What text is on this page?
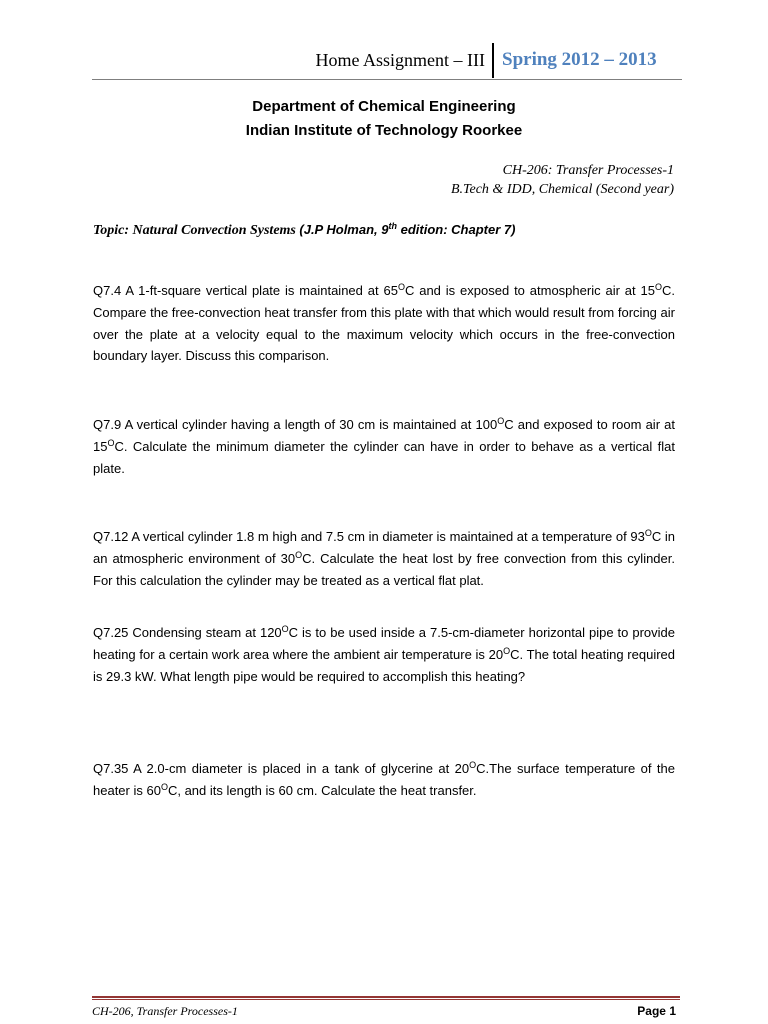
Home Assignment – III Spring 2012 – 2013
Department of Chemical Engineering
Indian Institute of Technology Roorkee
CH-206: Transfer Processes-1
B.Tech & IDD, Chemical (Second year)
Topic: Natural Convection Systems (J.P Holman, 9th edition: Chapter 7)
Q7.4 A 1-ft-square vertical plate is maintained at $65^OC$ and is exposed to atmospheric air at $15^OC$. Compare the free-convection heat transfer from this plate with that which would result from forcing air over the plate at a velocity equal to the maximum velocity which occurs in the free-convection boundary layer. Discuss this comparison.
Q7.9 A vertical cylinder having a length of 30 cm is maintained at $100^OC$ and exposed to room air at $15^OC$. Calculate the minimum diameter the cylinder can have in order to behave as a vertical flat plate.
Q7.12 A vertical cylinder 1.8 m high and 7.5 cm in diameter is maintained at a temperature of $93^OC$ in an atmospheric environment of $30^OC$. Calculate the heat lost by free convection from this cylinder. For this calculation the cylinder may be treated as a vertical flat plat.
Q7.25 Condensing steam at $120^OC$ is to be used inside a 7.5-cm-diameter horizontal pipe to provide heating for a certain work area where the ambient air temperature is $20^OC$. The total heating required is 29.3 kW. What length pipe would be required to accomplish this heating?
Q7.35 A 2.0-cm diameter is placed in a tank of glycerine at $20^OC.The$ surface temperature of the heater is $60^OC$, and its length is 60 cm. Calculate the heat transfer.
CH-206, Transfer Processes-1	Page 1
